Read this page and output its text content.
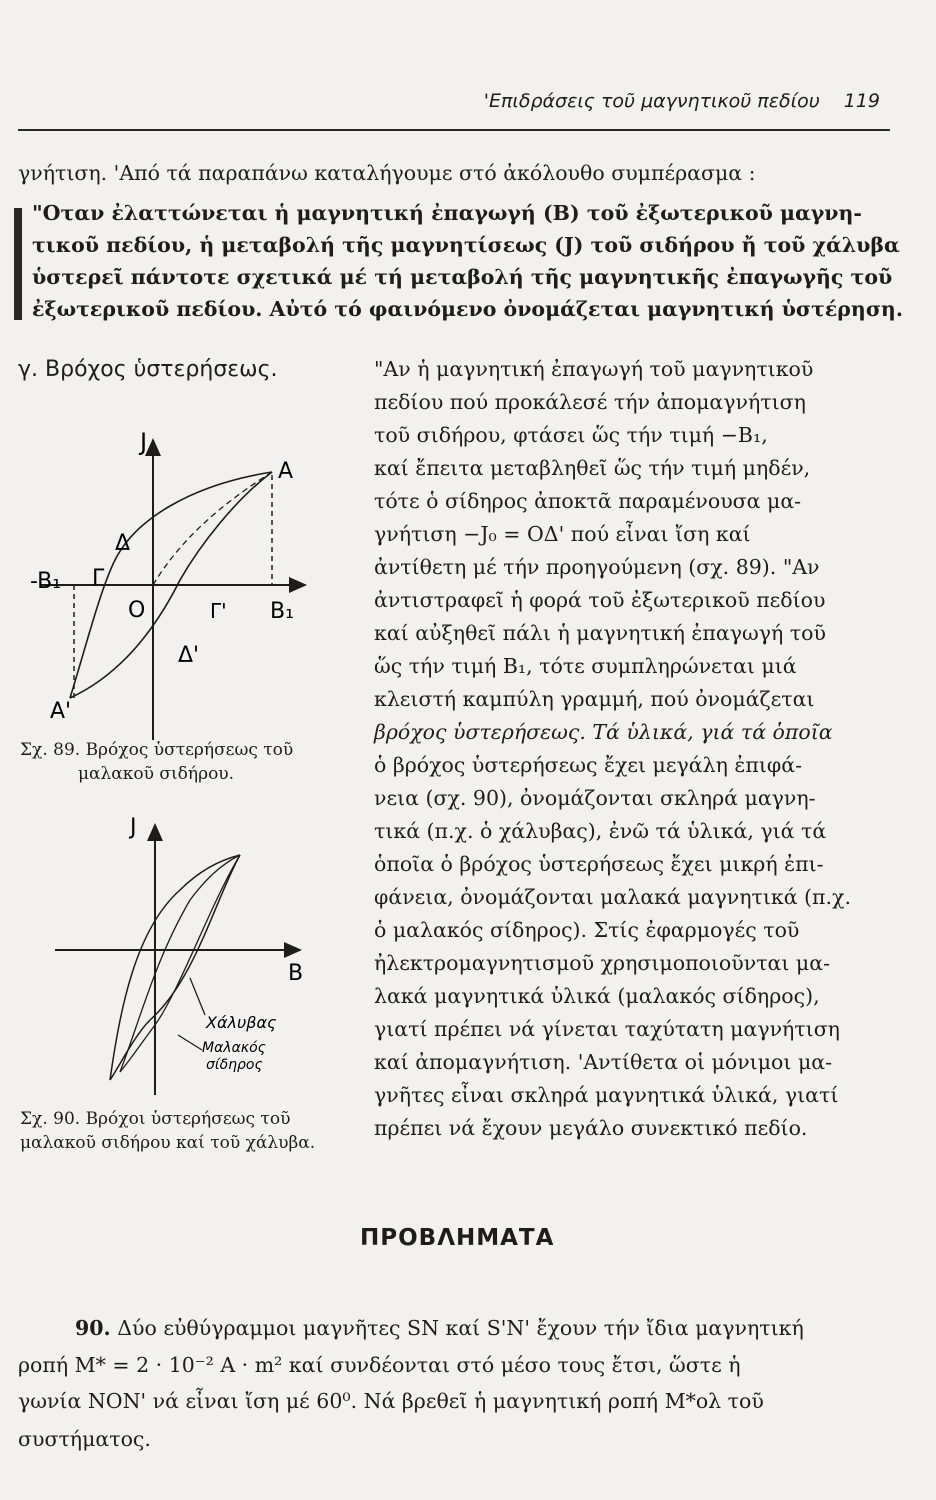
'Επιδράσεις τοῦ μαγνητικοῦ πεδίου 119
γνήτιση. 'Από τά παραπάνω καταλήγουμε στό ἀκόλουθο συμπέρασμα :
"Οταν ἐλαττώνεται ἡ μαγνητική ἐπαγωγή (B) τοῦ ἐξωτερικοῦ μαγνη-
τικοῦ πεδίου, ἡ μεταβολή τῆς μαγνητίσεως (J) τοῦ σιδήρου ἤ τοῦ χάλυβα
ὑστερεῖ πάντοτε σχετικά μέ τή μεταβολή τῆς μαγνητικῆς ἐπαγωγῆς τοῦ
ἐξωτερικοῦ πεδίου. Αὐτό τό φαινόμενο ὀνομάζεται μαγνητική ὑστέρηση.
γ. Βρόχος ὑστερήσεως.	"Αν ἡ μαγνητική ἐπαγωγή τοῦ μαγνητικοῦ
πεδίου πού προκάλεσέ τήν ἀπομαγνήτιση
τοῦ σιδήρου, φτάσει ὥς τήν τιμή −B₁,
καί ἔπειτα μεταβληθεῖ ὥς τήν τιμή μηδέν,
τότε ὁ σίδηρος ἀποκτᾶ παραμένουσα μα-
γνήτιση −J₀ = ΟΔ' πού εἶναι ἴση καί
ἀντίθετη μέ τήν προηγούμενη (σχ. 89). "Αν
ἀντιστραφεῖ ἡ φορά τοῦ ἐξωτερικοῦ πεδίου
καί αὐξηθεῖ πάλι ἡ μαγνητική ἐπαγωγή τοῦ
ὥς τήν τιμή B₁, τότε συμπληρώνεται μιά
κλειστή καμπύλη γραμμή, πού ὀνομάζεται
βρόχος ὑστερήσεως. Τά ὑλικά, γιά τά ὁποῖα
ὁ βρόχος ὑστερήσεως ἔχει μεγάλη ἐπιφά-
νεια (σχ. 90), ὀνομάζονται σκληρά μαγνη-
τικά (π.χ. ὁ χάλυβας), ἐνῶ τά ὑλικά, γιά τά
ὁποῖα ὁ βρόχος ὑστερήσεως ἔχει μικρή ἐπι-
φάνεια, ὀνομάζονται μαλακά μαγνητικά (π.χ.
ὁ μαλακός σίδηρος). Στίς ἐφαρμογές τοῦ
ἠλεκτρομαγνητισμοῦ χρησιμοποιοῦνται μα-
λακά μαγνητικά ὑλικά (μαλακός σίδηρος),
γιατί πρέπει νά γίνεται ταχύτατη μαγνήτιση
καί ἀπομαγνήτιση. 'Αντίθετα οἱ μόνιμοι μα-
γνῆτες εἶναι σκληρά μαγνητικά ὑλικά, γιατί
πρέπει νά ἔχουν μεγάλο συνεκτικό πεδίο.
J
A
Δ
Γ
-B₁
O	Γ' B₁
Δ'
A'
Σχ. 89. Βρόχος ὑστερήσεως τοῦ
μαλακοῦ σιδήρου.
J
B
Χάλυβας
Μαλακός
σίδηρος
Σχ. 90. Βρόχοι ὑστερήσεως τοῦ
μαλακοῦ σιδήρου καί τοῦ χάλυβα.
ΠΡΟΒΛΗΜΑΤΑ
90. Δύο εὐθύγραμμοι μαγνῆτες SN καί S'N' ἔχουν τήν ἴδια μαγνητική
ροπή M* = 2 · 10⁻² A · m² καί συνδέονται στό μέσο τους ἔτσι, ὥστε ἡ
γωνία NON' νά εἶναι ἴση μέ 60⁰. Νά βρεθεῖ ἡ μαγνητική ροπή M*ολ τοῦ
συστήματος.
